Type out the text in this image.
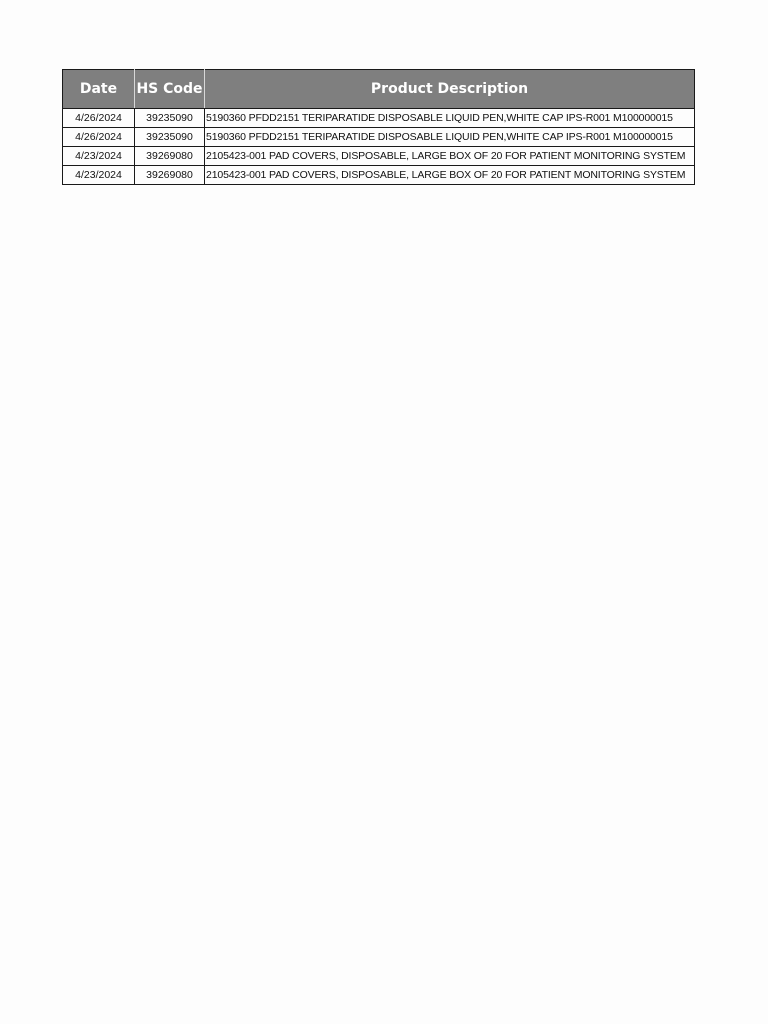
Date	HS Code	Product Description
4/26/2024	39235090	5190360 PFDD2151 TERIPARATIDE DISPOSABLE LIQUID PEN,WHITE CAP IPS-R001 M100000015
4/26/2024	39235090	5190360 PFDD2151 TERIPARATIDE DISPOSABLE LIQUID PEN,WHITE CAP IPS-R001 M100000015
4/23/2024	39269080	2105423-001 PAD COVERS, DISPOSABLE, LARGE BOX OF 20 FOR PATIENT MONITORING SYSTEM
4/23/2024	39269080	2105423-001 PAD COVERS, DISPOSABLE, LARGE BOX OF 20 FOR PATIENT MONITORING SYSTEM
